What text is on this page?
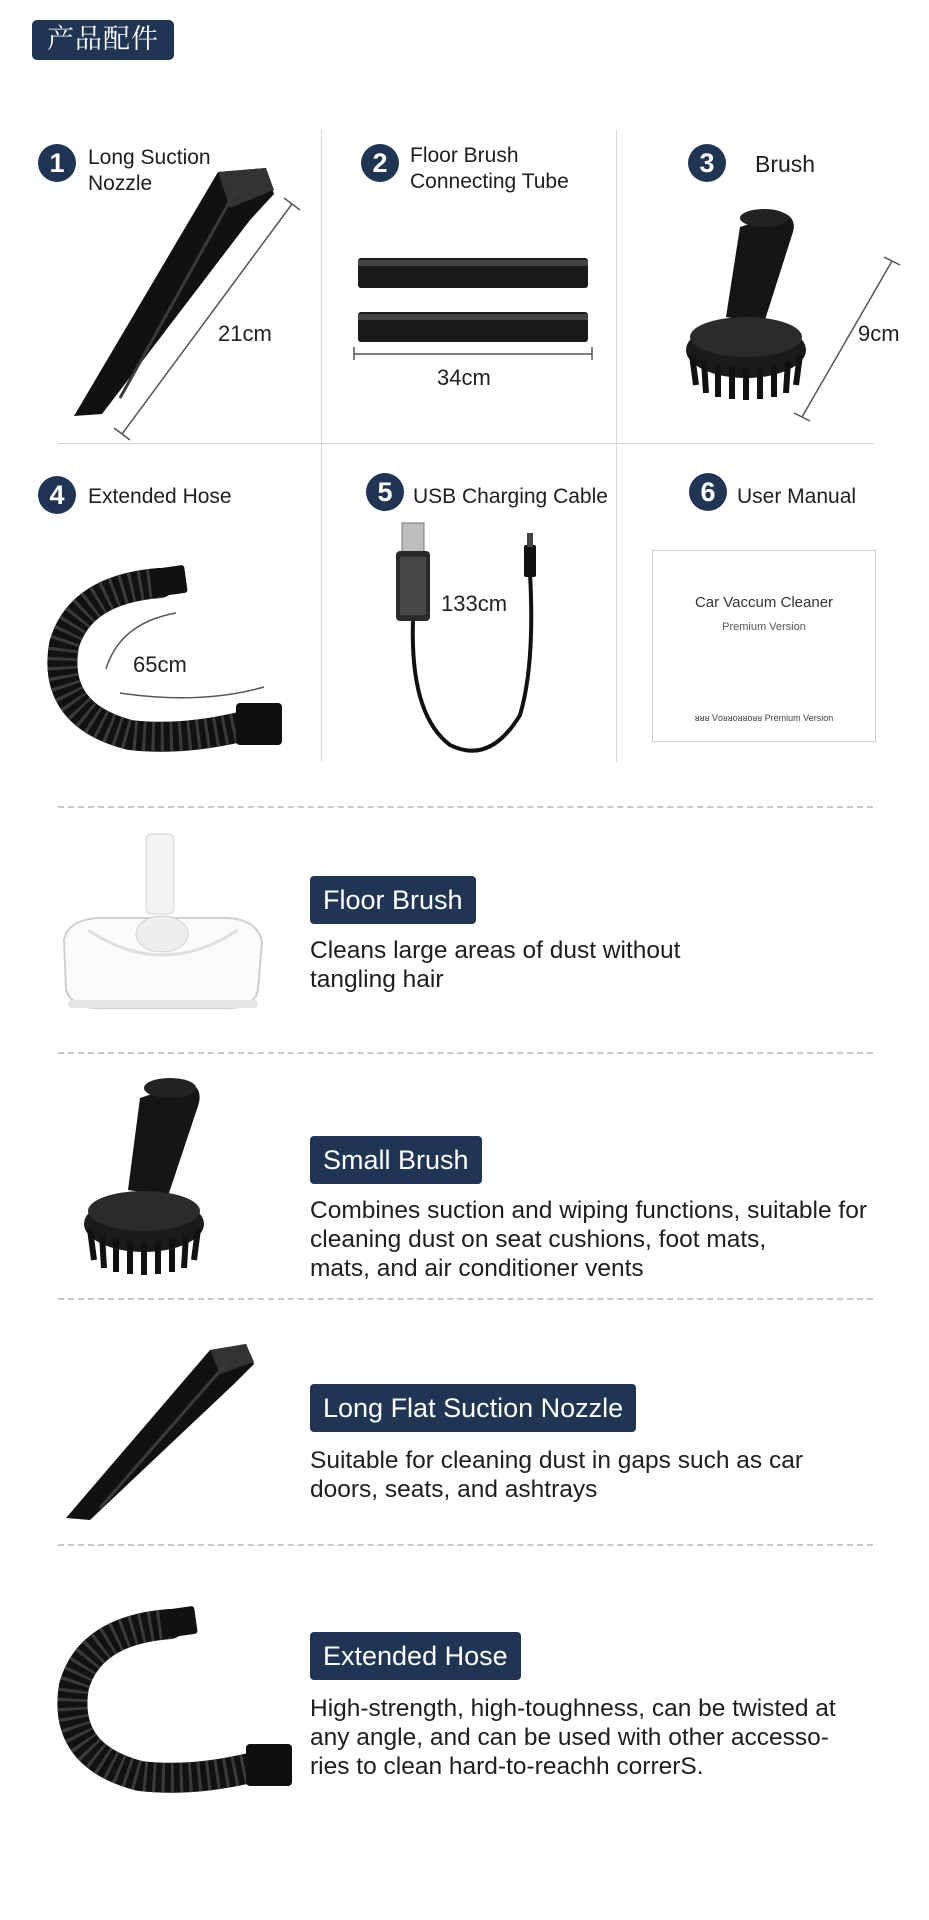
产品配件
1	Long Suction
Nozzle
21cm
2	Floor Brush
Connecting Tube
34cm
3	Brush
9cm
4	Extended Hose
65cm
5 USB Charging Cable
133cm
6	User Manual
Car Vaccum Cleaner
Premium Version
ᴚᴚᴚ Vᴏᴚᴚᴏᴚᴚᴏᴚᴚ Premium Version
Floor Brush
Cleans large areas of dust without
tangling hair
Small Brush
Combines suction and wiping functions, suitable for
cleaning dust on seat cushions, foot mats,
mats, and air conditioner vents
Long Flat Suction Nozzle
Suitable for cleaning dust in gaps such as car
doors, seats, and ashtrays
Extended Hose
High-strength, high-toughness, can be twisted at
any angle, and can be used with other accesso-
ries to clean hard-to-reachh correrS.
